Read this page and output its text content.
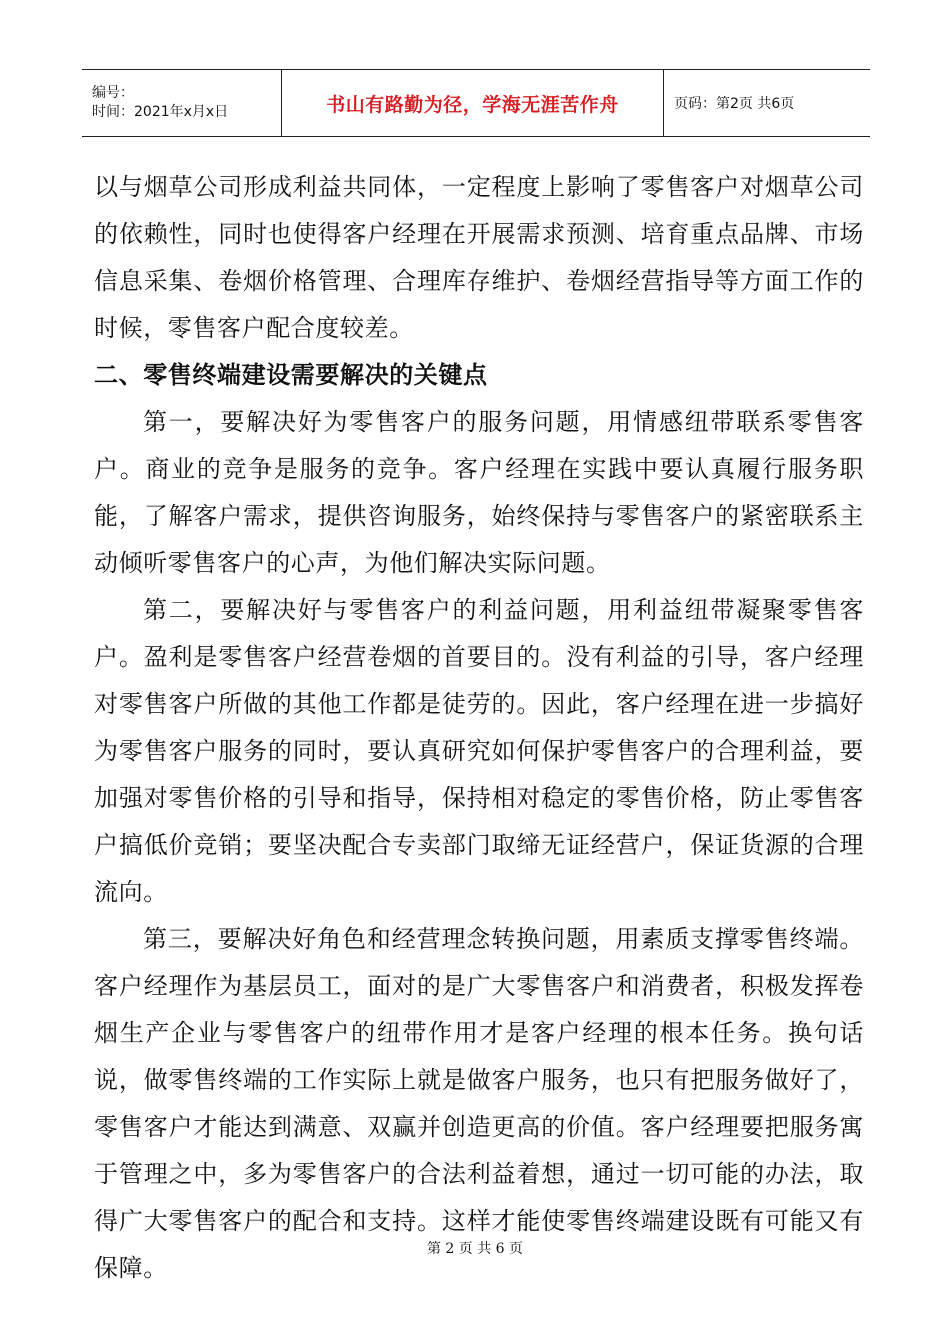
编号：
时间：2021年x月x日	书山有路勤为径，学海无涯苦作舟	页码：第2页 共6页

以与烟草公司形成利益共同体，一定程度上影响了零售客户对烟草公司的依赖性，同时也使得客户经理在开展需求预测、培育重点品牌、市场信息采集、卷烟价格管理、合理库存维护、卷烟经营指导等方面工作的时候，零售客户配合度较差。

二、零售终端建设需要解决的关键点

第一，要解决好为零售客户的服务问题，用情感纽带联系零售客户。商业的竞争是服务的竞争。客户经理在实践中要认真履行服务职能，了解客户需求，提供咨询服务，始终保持与零售客户的紧密联系主动倾听零售客户的心声，为他们解决实际问题。

第二，要解决好与零售客户的利益问题，用利益纽带凝聚零售客户。盈利是零售客户经营卷烟的首要目的。没有利益的引导，客户经理对零售客户所做的其他工作都是徒劳的。因此，客户经理在进一步搞好为零售客户服务的同时，要认真研究如何保护零售客户的合理利益，要加强对零售价格的引导和指导，保持相对稳定的零售价格，防止零售客户搞低价竞销；要坚决配合专卖部门取缔无证经营户，保证货源的合理流向。

第三，要解决好角色和经营理念转换问题，用素质支撑零售终端。客户经理作为基层员工，面对的是广大零售客户和消费者，积极发挥卷烟生产企业与零售客户的纽带作用才是客户经理的根本任务。换句话说，做零售终端的工作实际上就是做客户服务，也只有把服务做好了，零售客户才能达到满意、双赢并创造更高的价值。客户经理要把服务寓于管理之中，多为零售客户的合法利益着想，通过一切可能的办法，取得广大零售客户的配合和支持。这样才能使零售终端建设既有可能又有保障。

第 2 页 共 6 页
